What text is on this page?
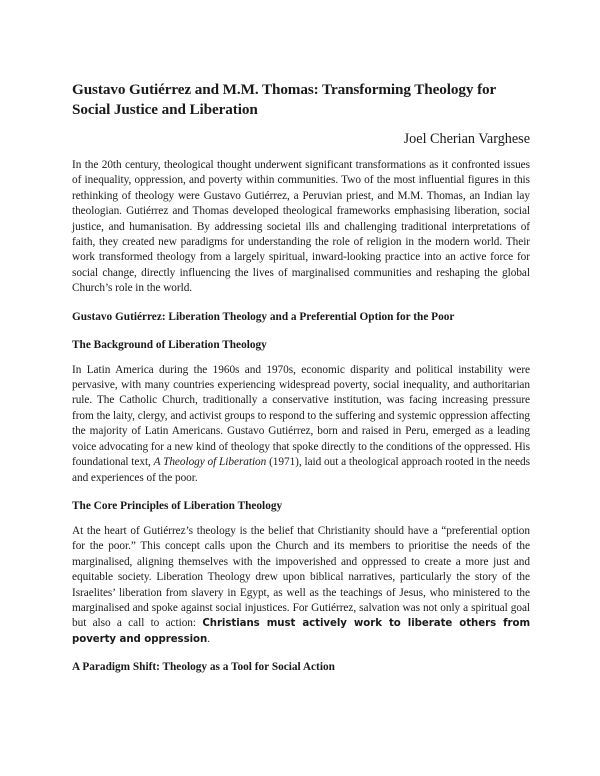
Gustavo Gutiérrez and M.M. Thomas: Transforming Theology for Social Justice and Liberation
Joel Cherian Varghese

In the 20th century, theological thought underwent significant transformations as it confronted issues of inequality, oppression, and poverty within communities. Two of the most influential figures in this rethinking of theology were Gustavo Gutiérrez, a Peruvian priest, and M.M. Thomas, an Indian lay theologian. Gutiérrez and Thomas developed theological frameworks emphasising liberation, social justice, and humanisation. By addressing societal ills and challenging traditional interpretations of faith, they created new paradigms for understanding the role of religion in the modern world. Their work transformed theology from a largely spiritual, inward-looking practice into an active force for social change, directly influencing the lives of marginalised communities and reshaping the global Church’s role in the world.

Gustavo Gutiérrez: Liberation Theology and a Preferential Option for the Poor
The Background of Liberation Theology

In Latin America during the 1960s and 1970s, economic disparity and political instability were pervasive, with many countries experiencing widespread poverty, social inequality, and authoritarian rule. The Catholic Church, traditionally a conservative institution, was facing increasing pressure from the laity, clergy, and activist groups to respond to the suffering and systemic oppression affecting the majority of Latin Americans. Gustavo Gutiérrez, born and raised in Peru, emerged as a leading voice advocating for a new kind of theology that spoke directly to the conditions of the oppressed. His foundational text, A Theology of Liberation (1971), laid out a theological approach rooted in the needs and experiences of the poor.

The Core Principles of Liberation Theology

At the heart of Gutiérrez’s theology is the belief that Christianity should have a “preferential option for the poor.” This concept calls upon the Church and its members to prioritise the needs of the marginalised, aligning themselves with the impoverished and oppressed to create a more just and equitable society. Liberation Theology drew upon biblical narratives, particularly the story of the Israelites’ liberation from slavery in Egypt, as well as the teachings of Jesus, who ministered to the marginalised and spoke against social injustices. For Gutiérrez, salvation was not only a spiritual goal but also a call to action: Christians must actively work to liberate others from poverty and oppression.

A Paradigm Shift: Theology as a Tool for Social Action
